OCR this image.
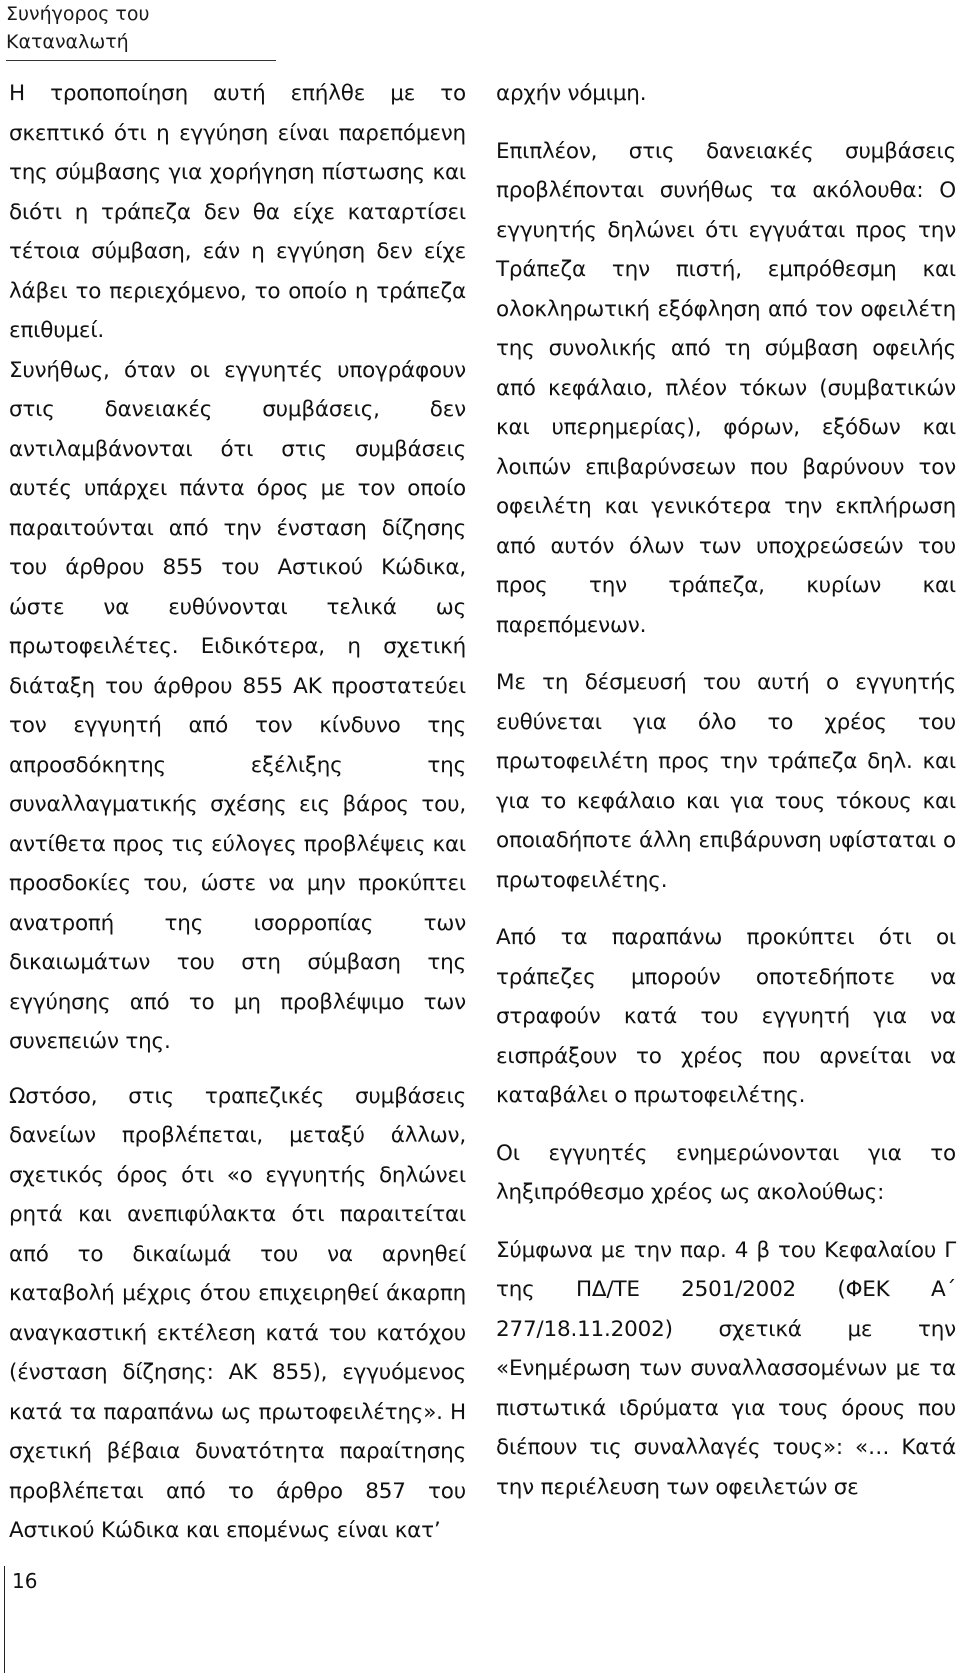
Συνήγορος του Καταναλωτή

Η τροποποίηση αυτή επήλθε με το σκεπτικό ότι η εγγύηση είναι παρεπόμενη της σύμβασης για χορήγηση πίστωσης και διότι η τράπεζα δεν θα είχε καταρτίσει τέτοια σύμβαση, εάν η εγγύηση δεν είχε λάβει το περιεχόμενο, το οποίο η τράπεζα επιθυμεί.

Συνήθως, όταν οι εγγυητές υπογράφουν στις δανειακές συμβάσεις, δεν αντιλαμβάνονται ότι στις συμβάσεις αυτές υπάρχει πάντα όρος με τον οποίο παραιτούνται από την ένσταση δίζησης του άρθρου 855 του Αστικού Κώδικα, ώστε να ευθύνονται τελικά ως πρωτοφειλέτες. Ειδικότερα, η σχετική διάταξη του άρθρου 855 ΑΚ προστατεύει τον εγγυητή από τον κίνδυνο της απροσδόκητης εξέλιξης της συναλλαγματικής σχέσης εις βάρος του, αντίθετα προς τις εύλογες προβλέψεις και προσδοκίες του, ώστε να μην προκύπτει ανατροπή της ισορροπίας των δικαιωμάτων του στη σύμβαση της εγγύησης από το μη προβλέψιμο των συνεπειών της.

Ωστόσο, στις τραπεζικές συμβάσεις δανείων προβλέπεται, μεταξύ άλλων, σχετικός όρος ότι «ο εγγυητής δηλώνει ρητά και ανεπιφύλακτα ότι παραιτείται από το δικαίωμά του να αρνηθεί καταβολή μέχρις ότου επιχειρηθεί άκαρπη αναγκαστική εκτέλεση κατά του κατόχου (ένσταση δίζησης: ΑΚ 855), εγγυόμενος κατά τα παραπάνω ως πρωτοφειλέτης». Η σχετική βέβαια δυνατότητα παραίτησης προβλέπεται από το άρθρο 857 του Αστικού Κώδικα και επομένως είναι κατ’

αρχήν νόμιμη.

Επιπλέον, στις δανειακές συμβάσεις προβλέπονται συνήθως τα ακόλουθα: Ο εγγυητής δηλώνει ότι εγγυάται προς την Τράπεζα την πιστή, εμπρόθεσμη και ολοκληρωτική εξόφληση από τον οφειλέτη της συνολικής από τη σύμβαση οφειλής από κεφάλαιο, πλέον τόκων (συμβατικών και υπερημερίας), φόρων, εξόδων και λοιπών επιβαρύνσεων που βαρύνουν τον οφειλέτη και γενικότερα την εκπλήρωση από αυτόν όλων των υποχρεώσεών του προς την τράπεζα, κυρίων και παρεπόμενων.

Με τη δέσμευσή του αυτή ο εγγυητής ευθύνεται για όλο το χρέος του πρωτοφειλέτη προς την τράπεζα δηλ. και για το κεφάλαιο και για τους τόκους και οποιαδήποτε άλλη επιβάρυνση υφίσταται ο πρωτοφειλέτης.

Από τα παραπάνω προκύπτει ότι οι τράπεζες μπορούν οποτεδήποτε να στραφούν κατά του εγγυητή για να εισπράξουν το χρέος που αρνείται να καταβάλει ο πρωτοφειλέτης.

Οι εγγυητές ενημερώνονται για το ληξιπρόθεσμο χρέος ως ακολούθως:

Σύμφωνα με την παρ. 4 β του Κεφαλαίου Γ της ΠΔ/ΤΕ 2501/2002 (ΦΕΚ Α΄ 277/18.11.2002) σχετικά με την «Ενημέρωση των συναλλασσομένων με τα πιστωτικά ιδρύματα για τους όρους που διέπουν τις συναλλαγές τους»: «… Κατά την περιέλευση των οφειλετών σε

16
